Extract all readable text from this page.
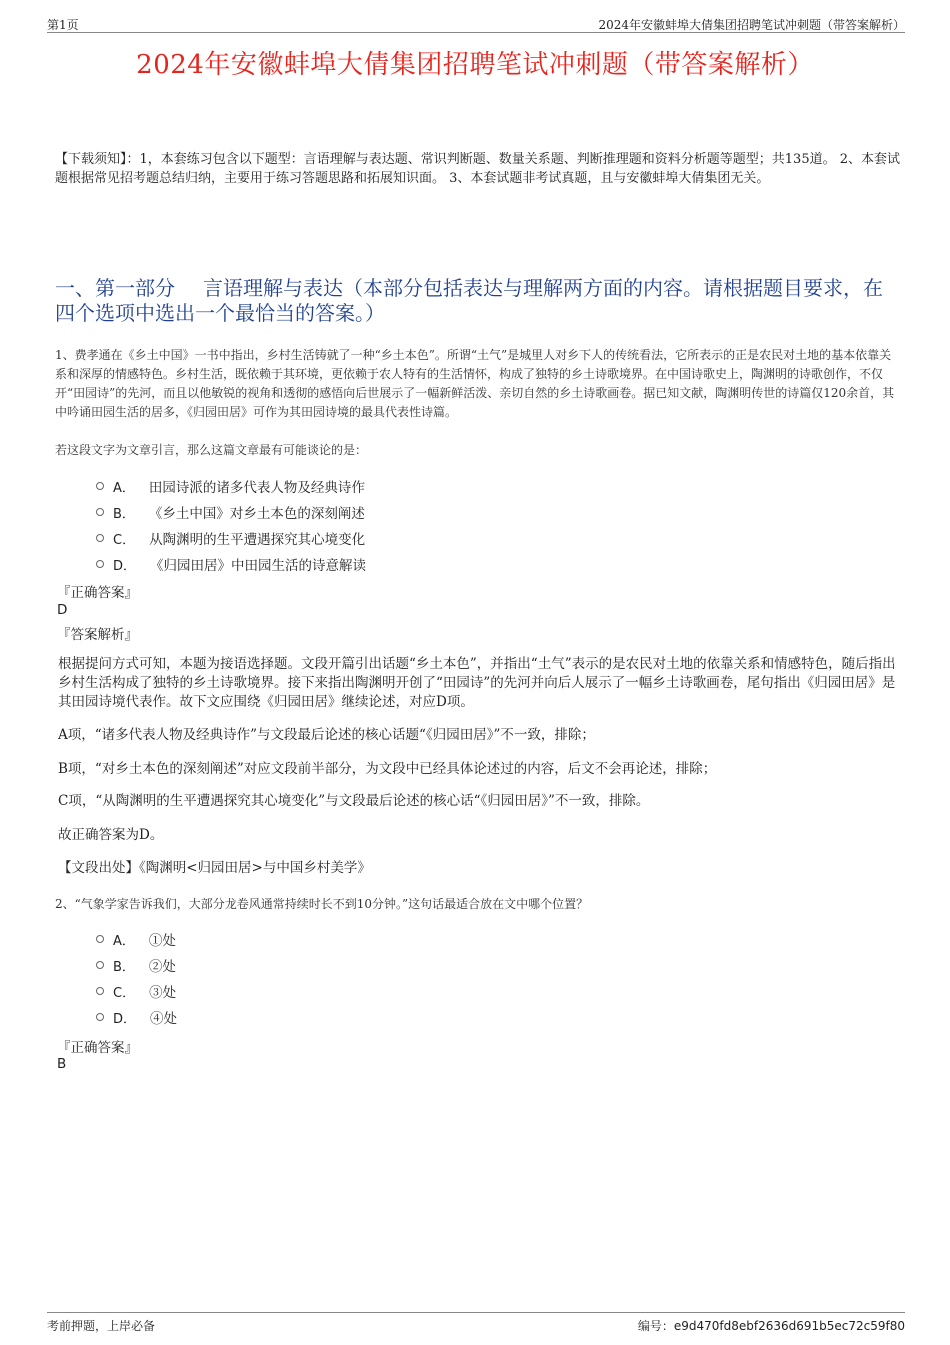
第1页	2024年安徽蚌埠大倩集团招聘笔试冲刺题（带答案解析）
2024年安徽蚌埠大倩集团招聘笔试冲刺题（带答案解析）
【下载须知】：1，本套练习包含以下题型：言语理解与表达题、常识判断题、数量关系题、判断推理题和资料分析题等题型；共135道。 2、本套试题根据常见招考题总结归纳，主要用于练习答题思路和拓展知识面。 3、本套试题非考试真题，且与安徽蚌埠大倩集团无关。
一、第一部分 言语理解与表达（本部分包括表达与理解两方面的内容。请根据题目要求，在四个选项中选出一个最恰当的答案。）
1、费孝通在《乡土中国》一书中指出，乡村生活铸就了一种“乡土本色”。所谓“土气”是城里人对乡下人的传统看法，它所表示的正是农民对土地的基本依靠关系和深厚的情感特色。乡村生活，既依赖于其环境，更依赖于农人特有的生活情怀，构成了独特的乡土诗歌境界。在中国诗歌史上，陶渊明的诗歌创作，不仅开“田园诗”的先河，而且以他敏锐的视角和透彻的感悟向后世展示了一幅新鲜活泼、亲切自然的乡土诗歌画卷。据已知文献，陶渊明传世的诗篇仅120余首，其中吟诵田园生活的居多，《归园田居》可作为其田园诗境的最具代表性诗篇。
若这段文字为文章引言，那么这篇文章最有可能谈论的是：
A． 田园诗派的诸多代表人物及经典诗作
B． 《乡土中国》对乡土本色的深刻阐述
C． 从陶渊明的生平遭遇探究其心境变化
D． 《归园田居》中田园生活的诗意解读
『正确答案』
D
『答案解析』
根据提问方式可知，本题为接语选择题。文段开篇引出话题“乡土本色”，并指出“土气”表示的是农民对土地的依靠关系和情感特色，随后指出乡村生活构成了独特的乡土诗歌境界。接下来指出陶渊明开创了“田园诗”的先河并向后人展示了一幅乡土诗歌画卷，尾句指出《归园田居》是其田园诗境代表作。故下文应围绕《归园田居》继续论述，对应D项。
A项，“诸多代表人物及经典诗作”与文段最后论述的核心话题“《归园田居》”不一致，排除；
B项，“对乡土本色的深刻阐述”对应文段前半部分，为文段中已经具体论述过的内容，后文不会再论述，排除；
C项，“从陶渊明的生平遭遇探究其心境变化”与文段最后论述的核心话“《归园田居》”不一致，排除。
故正确答案为D。
【文段出处】《陶渊明<归园田居>与中国乡村美学》
2、“气象学家告诉我们，大部分龙卷风通常持续时长不到10分钟。”这句话最适合放在文中哪个位置？
A． ①处
B． ②处
C． ③处
D． ④处
『正确答案』
B
考前押题，上岸必备	编号：e9d470fd8ebf2636d691b5ec72c59f80
